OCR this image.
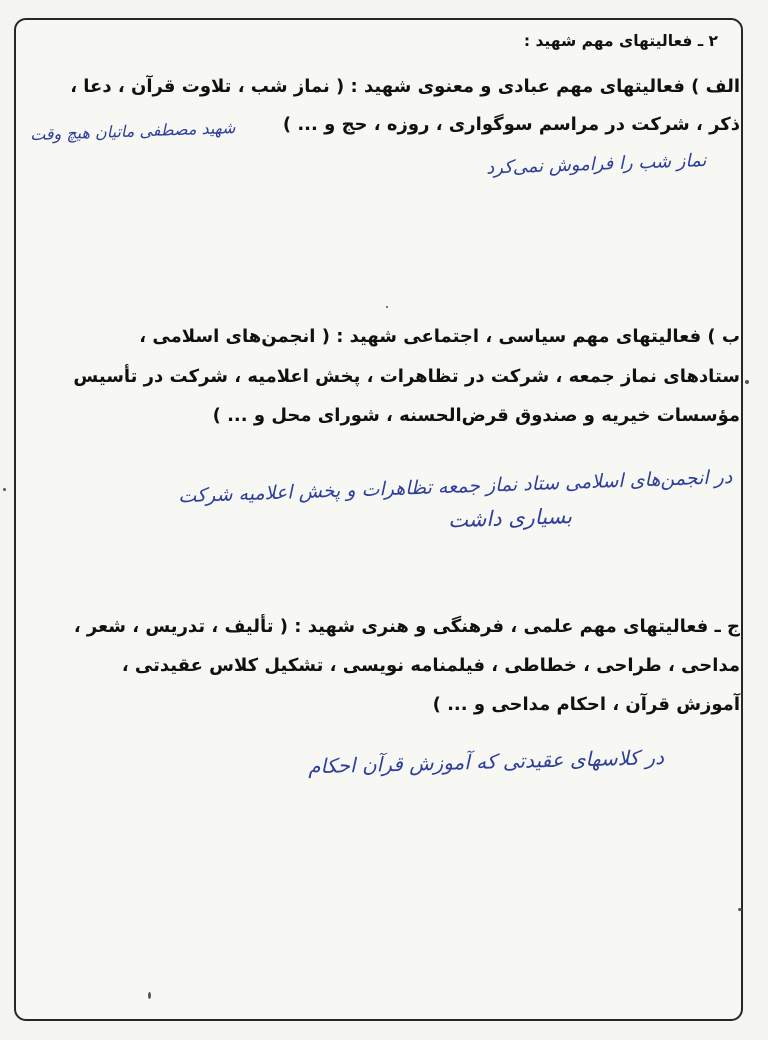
۲ ـ فعالیتهای مهم شهید :
الف ) فعالیتهای مهم عبادی و معنوی شهید : ( نماز شب ، تلاوت قرآن ، دعا ،
ذکر ، شرکت در مراسم سوگواری ، روزه ، حج و ... )
شهید مصطفی ماتیان هیچ وقت
نماز شب را فراموش نمی‌کرد
ب ) فعالیتهای مهم سیاسی ، اجتماعی شهید : ( انجمن‌های اسلامی ،
ستادهای نماز جمعه ، شرکت در تظاهرات ، پخش اعلامیه ، شرکت در تأسیس
مؤسسات خیریه و صندوق قرض‌الحسنه ، شورای محل و ... )
در انجمن‌های اسلامی ستاد نماز جمعه تظاهرات و پخش اعلامیه شرکت
بسیاری داشت
ج ـ فعالیتهای مهم علمی ، فرهنگی و هنری شهید : ( تألیف ، تدریس ، شعر ،
مداحی ، طراحی ، خطاطی ، فیلمنامه نویسی ، تشکیل کلاس عقیدتی ،
آموزش قرآن ، احکام مداحی و ... )
در کلاسهای عقیدتی که آموزش قرآن احکام
